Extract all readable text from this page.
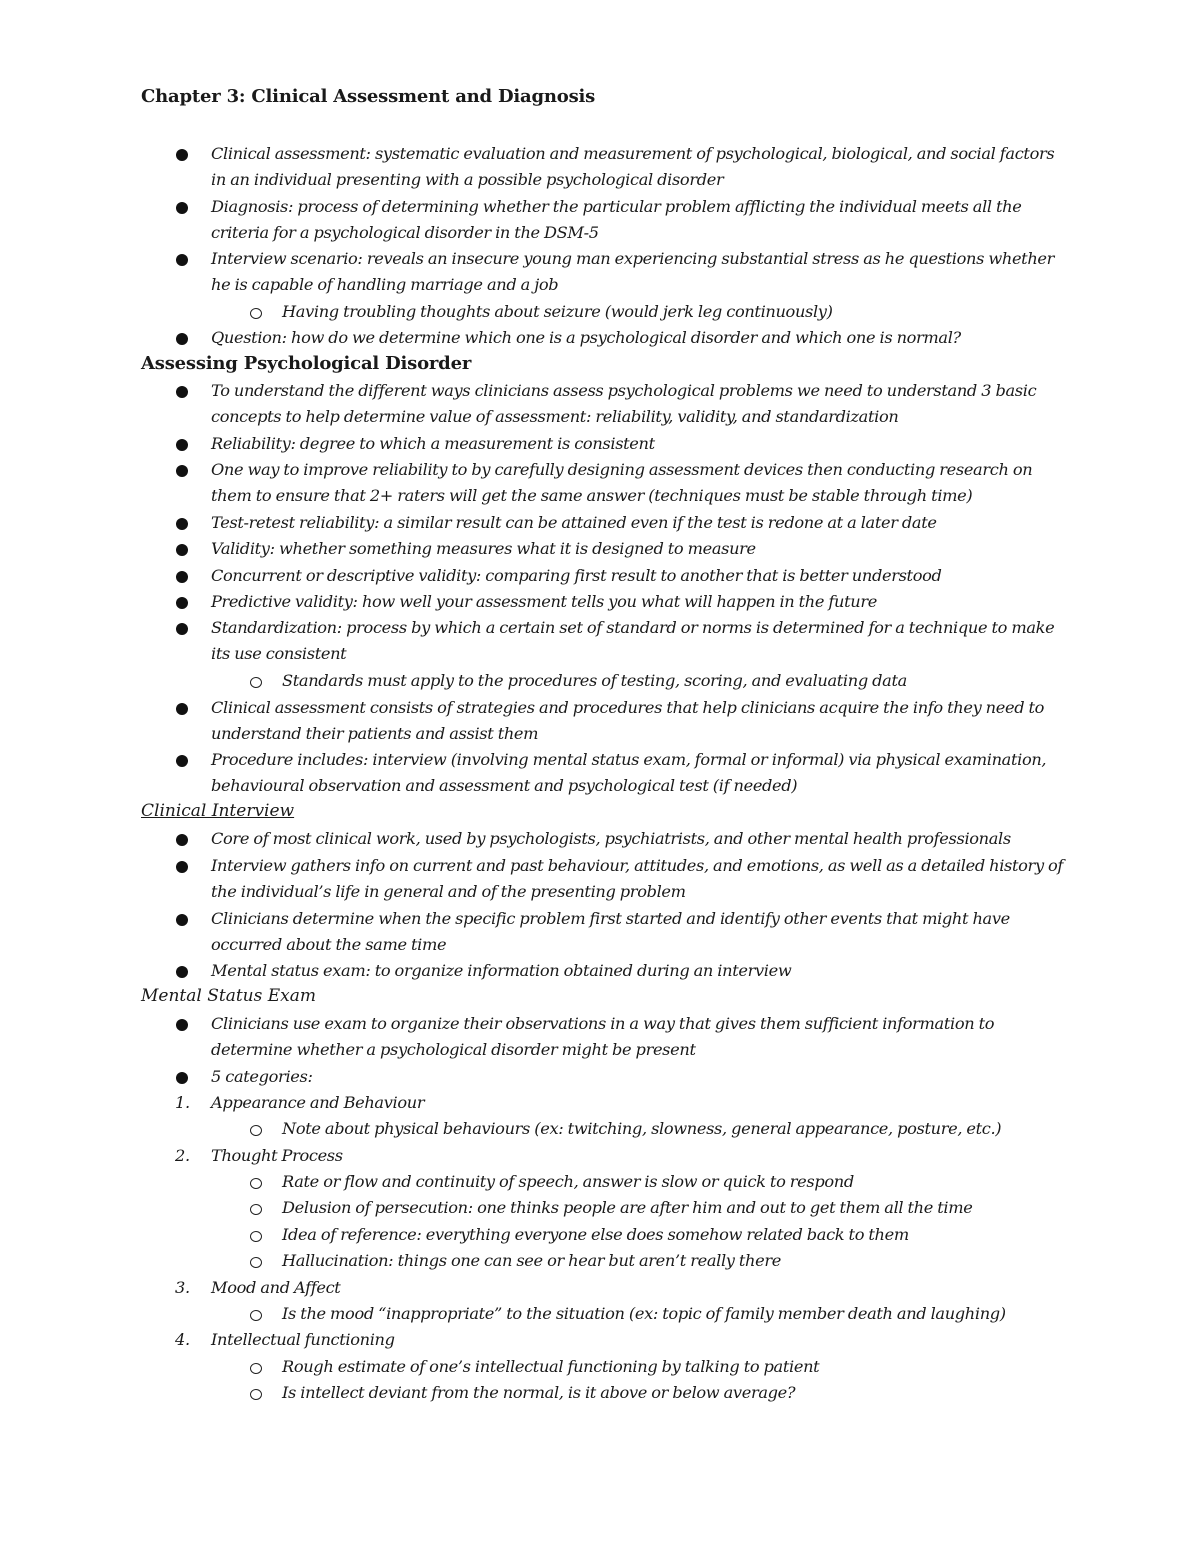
Chapter 3: Clinical Assessment and Diagnosis
Clinical assessment: systematic evaluation and measurement of psychological, biological, and social factors in an individual presenting with a possible psychological disorder
Diagnosis: process of determining whether the particular problem afflicting the individual meets all the criteria for a psychological disorder in the DSM-5
Interview scenario: reveals an insecure young man experiencing substantial stress as he questions whether he is capable of handling marriage and a job
Having troubling thoughts about seizure (would jerk leg continuously)
Question: how do we determine which one is a psychological disorder and which one is normal?
Assessing Psychological Disorder
To understand the different ways clinicians assess psychological problems we need to understand 3 basic concepts to help determine value of assessment: reliability, validity, and standardization
Reliability: degree to which a measurement is consistent
One way to improve reliability to by carefully designing assessment devices then conducting research on them to ensure that 2+ raters will get the same answer (techniques must be stable through time)
Test-retest reliability: a similar result can be attained even if the test is redone at a later date
Validity: whether something measures what it is designed to measure
Concurrent or descriptive validity: comparing first result to another that is better understood
Predictive validity: how well your assessment tells you what will happen in the future
Standardization: process by which a certain set of standard or norms is determined for a technique to make its use consistent
Standards must apply to the procedures of testing, scoring, and evaluating data
Clinical assessment consists of strategies and procedures that help clinicians acquire the info they need to understand their patients and assist them
Procedure includes: interview (involving mental status exam, formal or informal) via physical examination, behavioural observation and assessment and psychological test (if needed)
Clinical Interview
Core of most clinical work, used by psychologists, psychiatrists, and other mental health professionals
Interview gathers info on current and past behaviour, attitudes, and emotions, as well as a detailed history of the individual’s life in general and of the presenting problem
Clinicians determine when the specific problem first started and identify other events that might have occurred about the same time
Mental status exam: to organize information obtained during an interview
Mental Status Exam
Clinicians use exam to organize their observations in a way that gives them sufficient information to determine whether a psychological disorder might be present
5 categories:
1. Appearance and Behaviour
Note about physical behaviours (ex: twitching, slowness, general appearance, posture, etc.)
2. Thought Process
Rate or flow and continuity of speech, answer is slow or quick to respond
Delusion of persecution: one thinks people are after him and out to get them all the time
Idea of reference: everything everyone else does somehow related back to them
Hallucination: things one can see or hear but aren’t really there
3. Mood and Affect
Is the mood “inappropriate” to the situation (ex: topic of family member death and laughing)
4. Intellectual functioning
Rough estimate of one’s intellectual functioning by talking to patient
Is intellect deviant from the normal, is it above or below average?
